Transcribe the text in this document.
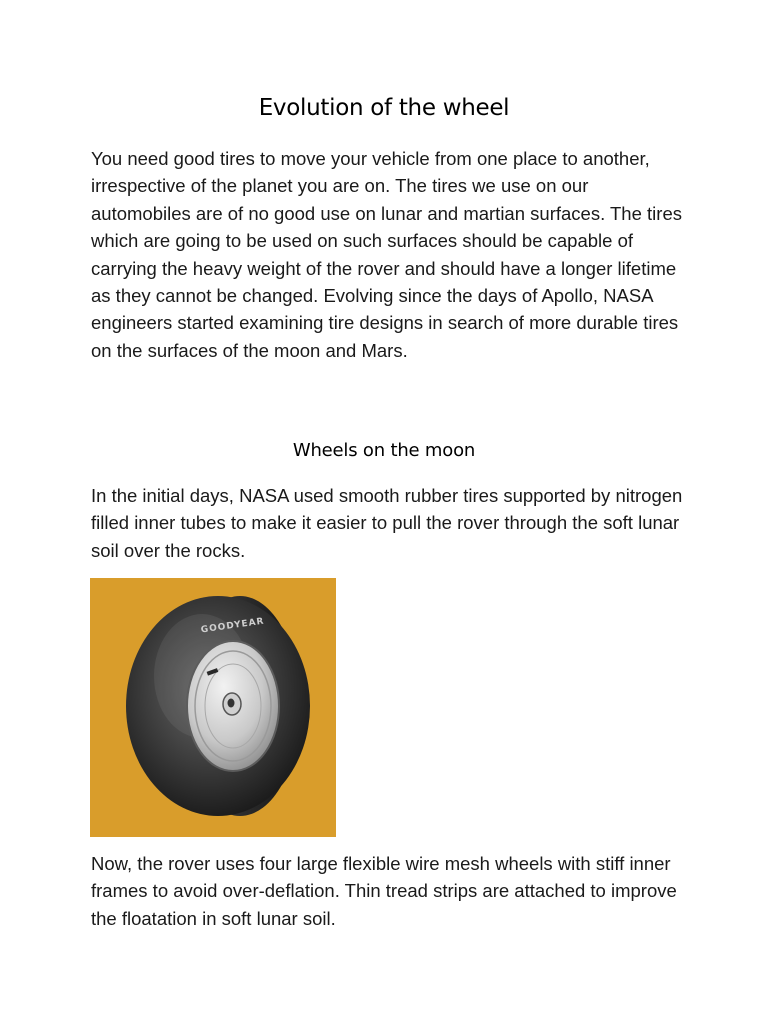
Evolution of the wheel

You need good tires to move your vehicle from one place to another, irrespective of the planet you are on. The tires we use on our automobiles are of no good use on lunar and martian surfaces. The tires which are going to be used on such surfaces should be capable of carrying the heavy weight of the rover and should have a longer lifetime as they cannot be changed. Evolving since the days of Apollo, NASA engineers started examining tire designs in search of more durable tires on the surfaces of the moon and Mars.

Wheels on the moon

In the initial days, NASA used smooth rubber tires supported by nitrogen filled inner tubes to make it easier to pull the rover through the soft lunar soil over the rocks.

GOODYEAR

Now, the rover uses four large flexible wire mesh wheels with stiff inner frames to avoid over-deflation. Thin tread strips are attached to improve the floatation in soft lunar soil.
